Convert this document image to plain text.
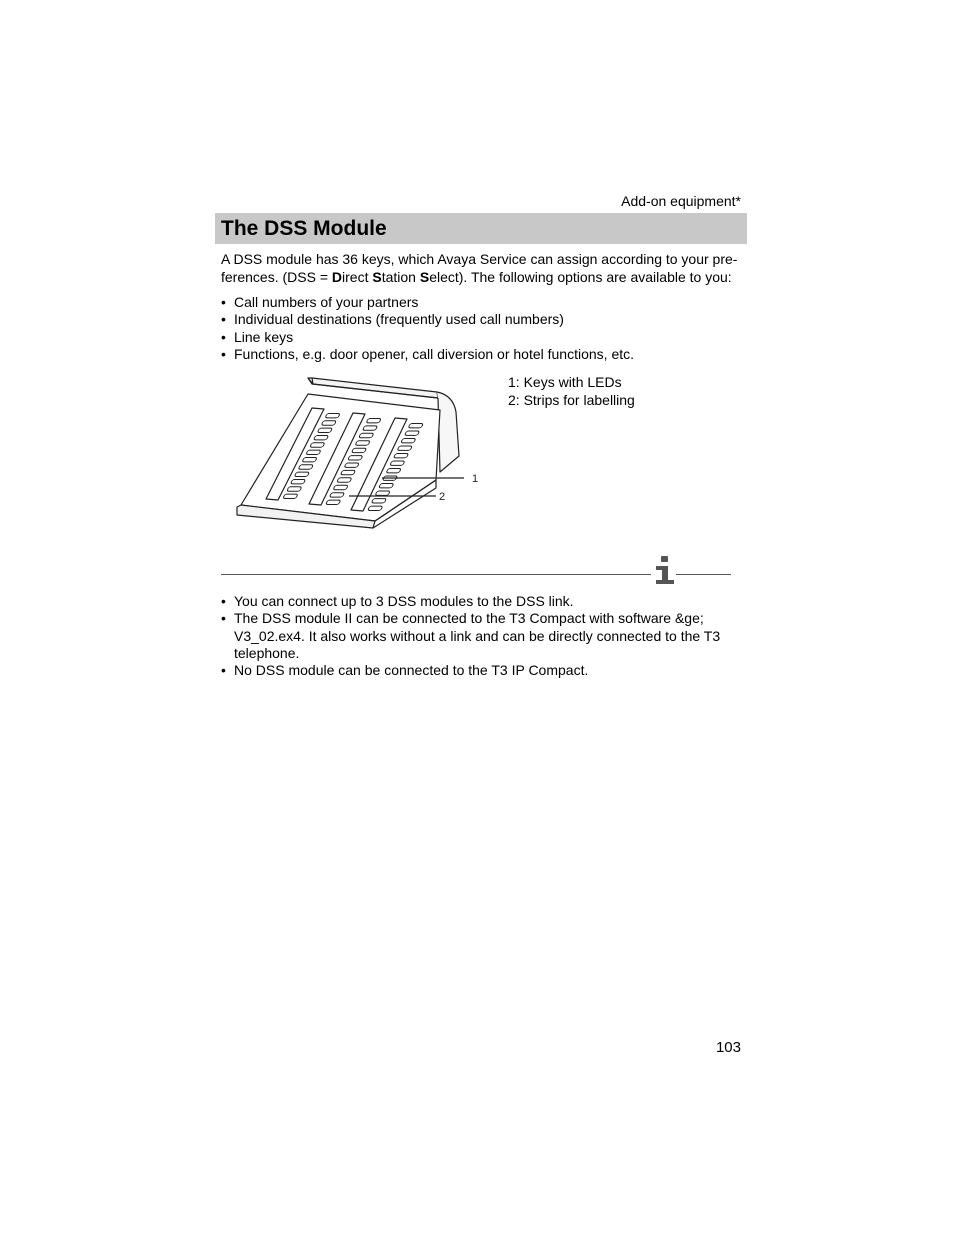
Add-on equipment*
The DSS Module

A DSS module has 36 keys, which Avaya Service can assign according to your pre-ferences. (DSS = Direct Station Select). The following options are available to you:

• Call numbers of your partners
• Individual destinations (frequently used call numbers)
• Line keys
• Functions, e.g. door opener, call diversion or hotel functions, etc.
1
2
1: Keys with LEDs
2: Strips for labelling
• You can connect up to 3 DSS modules to the DSS link.
• The DSS module II can be connected to the T3 Compact with software &ge; V3_02.ex4. It also works without a link and can be directly connected to the T3 telephone.
• No DSS module can be connected to the T3 IP Compact.
103
